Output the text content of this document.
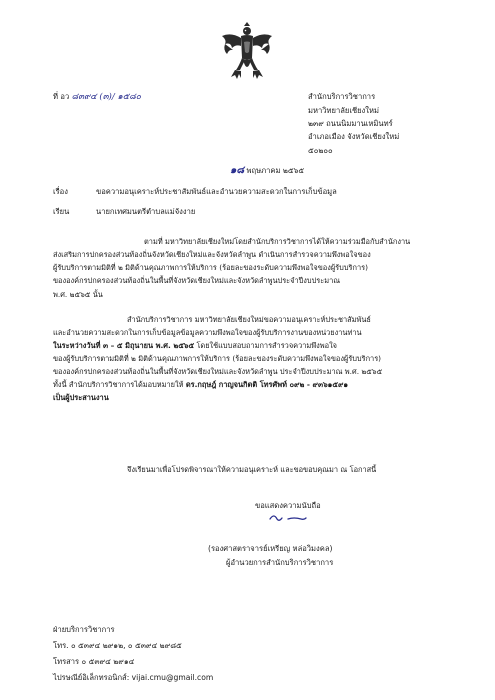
ที่ อว ๘๓๙๔ (๓)/ ๑๕๘๐	สำนักบริการวิชาการ
มหาวิทยาลัยเชียงใหม่
๒๓๙ ถนนนิมมานเหมินทร์
อำเภอเมือง จังหวัดเชียงใหม่
๕๐๒๐๐
๑๘ พฤษภาคม ๒๕๖๕
เรื่อง	ขอความอนุเคราะห์ประชาสัมพันธ์และอำนวยความสะดวกในการเก็บข้อมูล
เรียน	นายกเทศมนตรีตำบลแม่จังงาย
ตามที่ มหาวิทยาลัยเชียงใหม่โดยสำนักบริการวิชาการได้ให้ความร่วมมือกับสำนักงาน
ส่งเสริมการปกครองส่วนท้องถิ่นจังหวัดเชียงใหม่และจังหวัดลำพูน ดำเนินการสำรวจความพึงพอใจของ
ผู้รับบริการตามมิติที่ ๒ มิติด้านคุณภาพการให้บริการ (ร้อยละของระดับความพึงพอใจของผู้รับบริการ)
ขององค์กรปกครองส่วนท้องถิ่นในพื้นที่จังหวัดเชียงใหม่และจังหวัดลำพูนประจำปีงบประมาณ
พ.ศ. ๒๕๖๕ นั้น
สำนักบริการวิชาการ มหาวิทยาลัยเชียงใหม่ขอความอนุเคราะห์ประชาสัมพันธ์
และอำนวยความสะดวกในการเก็บข้อมูลข้อมูลความพึงพอใจของผู้รับบริการงานของหน่วยงานท่าน
ในระหว่างวันที่ ๓ – ๕ มิถุนายน พ.ศ. ๒๕๖๕ โดยใช้แบบสอบถามการสำรวจความพึงพอใจ
ของผู้รับบริการตามมิติที่ ๒ มิติด้านคุณภาพการให้บริการ (ร้อยละของระดับความพึงพอใจของผู้รับบริการ)
ขององค์กรปกครองส่วนท้องถิ่นในพื้นที่จังหวัดเชียงใหม่และจังหวัดลำพูน ประจำปีงบประมาณ พ.ศ. ๒๕๖๕
ทั้งนี้ สำนักบริการวิชาการได้มอบหมายให้ ดร.กฤษฎ์ กาญจนกิตติ โทรศัพท์ ๐๙๒ - ๙๓๖๑๕๙๑
เป็นผู้ประสานงาน
จึงเรียนมาเพื่อโปรดพิจารณาให้ความอนุเคราะห์ และขอขอบคุณมา ณ โอกาสนี้
ขอแสดงความนับถือ
(รองศาสตราจารย์เหรียญ หล่อวิมงคล)
ผู้อำนวยการสำนักบริการวิชาการ
ฝ่ายบริการวิชาการ
โทร. ๐ ๕๓๙๔ ๒๙๑๒, ๐ ๕๓๙๔ ๒๙๘๕
โทรสาร ๐ ๕๓๙๔ ๒๙๑๔
ไปรษณีย์อิเล็กทรอนิกส์: vijai.cmu@gmail.com
